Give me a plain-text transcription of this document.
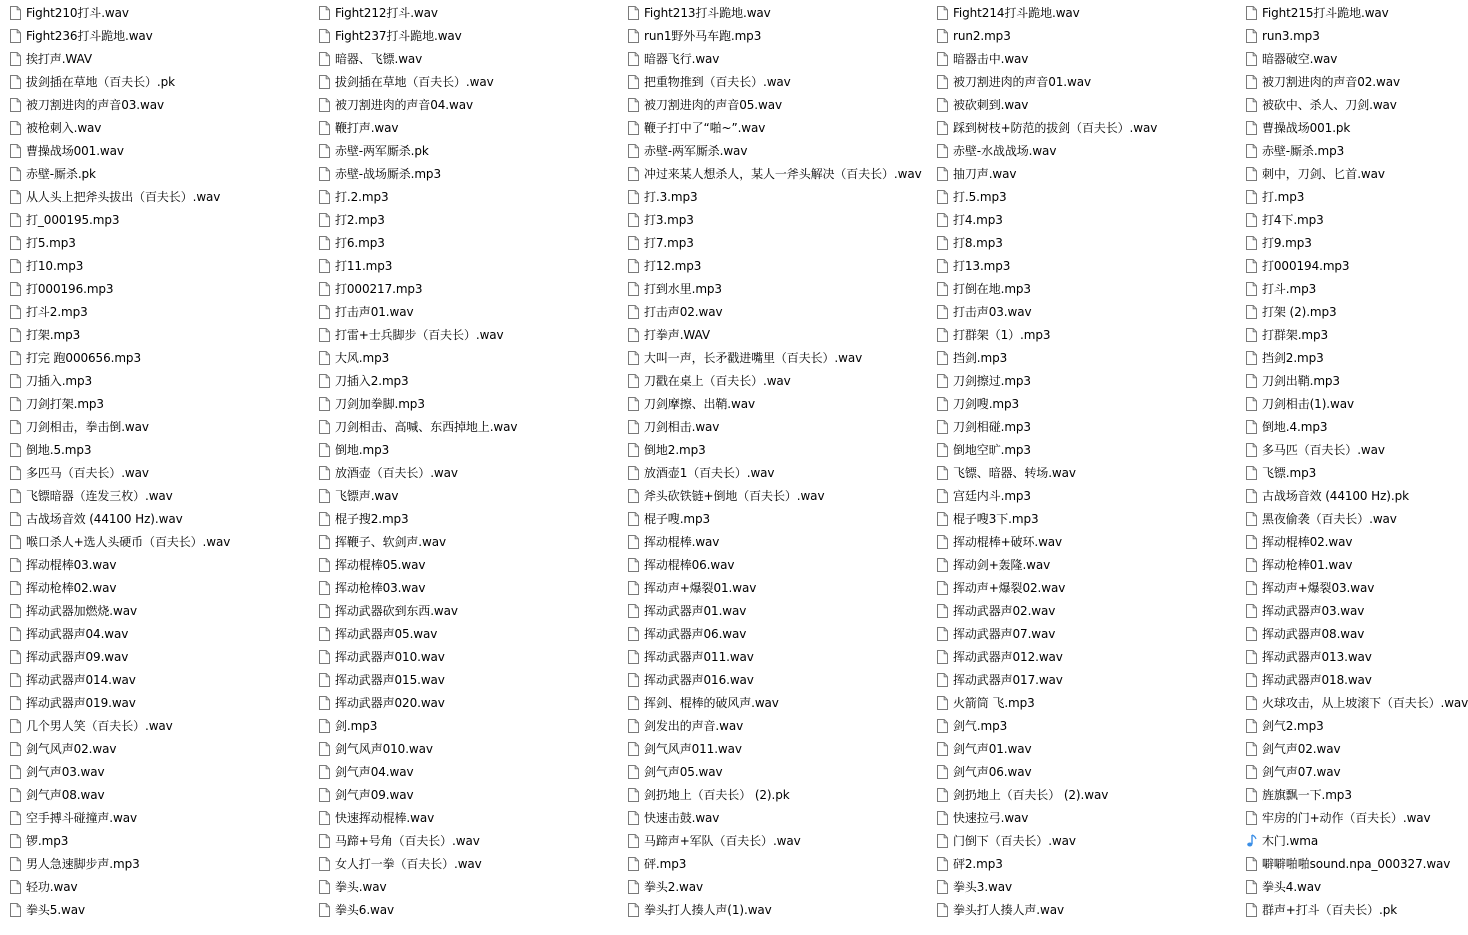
Fight210打斗.wav
Fight236打斗跪地.wav
挨打声.WAV
拔剑插在草地（百夫长）.pk
被刀割进肉的声音03.wav
被枪刺入.wav
曹操战场001.wav
赤壁-厮杀.pk
从人头上把斧头拔出（百夫长）.wav
打_000195.mp3
打5.mp3
打10.mp3
打000196.mp3
打斗2.mp3
打架.mp3
打完 跑000656.mp3
刀插入.mp3
刀剑打架.mp3
刀剑相击，拳击倒.wav
倒地.5.mp3
多匹马（百夫长）.wav
飞镖暗器（连发三枚）.wav
古战场音效 (44100 Hz).wav
喉口杀人+选人头硬币（百夫长）.wav
挥动棍棒03.wav
挥动枪棒02.wav
挥动武器加燃烧.wav
挥动武器声04.wav
挥动武器声09.wav
挥动武器声014.wav
挥动武器声019.wav
几个男人笑（百夫长）.wav
剑气风声02.wav
剑气声03.wav
剑气声08.wav
空手搏斗碰撞声.wav
锣.mp3
男人急速脚步声.mp3
轻功.wav
拳头5.wav
Fight212打斗.wav
Fight237打斗跪地.wav
暗器、飞镖.wav
拔剑插在草地（百夫长）.wav
被刀割进肉的声音04.wav
鞭打声.wav
赤壁-两军厮杀.pk
赤壁-战场厮杀.mp3
打.2.mp3
打2.mp3
打6.mp3
打11.mp3
打000217.mp3
打击声01.wav
打雷+士兵脚步（百夫长）.wav
大风.mp3
刀插入2.mp3
刀剑加拳脚.mp3
刀剑相击、高喊、东西掉地上.wav
倒地.mp3
放酒壶（百夫长）.wav
飞镖声.wav
棍子搜2.mp3
挥鞭子、软剑声.wav
挥动棍棒05.wav
挥动枪棒03.wav
挥动武器砍到东西.wav
挥动武器声05.wav
挥动武器声010.wav
挥动武器声015.wav
挥动武器声020.wav
剑.mp3
剑气风声010.wav
剑气声04.wav
剑气声09.wav
快速挥动棍棒.wav
马蹄+号角（百夫长）.wav
女人打一拳（百夫长）.wav
拳头.wav
拳头6.wav
Fight213打斗跪地.wav
run1野外马车跑.mp3
暗器飞行.wav
把重物推到（百夫长）.wav
被刀割进肉的声音05.wav
鞭子打中了“啪~”.wav
赤壁-两军厮杀.wav
冲过来某人想杀人，某人一斧头解决（百夫长）.wav
打.3.mp3
打3.mp3
打7.mp3
打12.mp3
打到水里.mp3
打击声02.wav
打拳声.WAV
大叫一声，长矛戳进嘴里（百夫长）.wav
刀戳在桌上（百夫长）.wav
刀剑摩擦、出鞘.wav
刀剑相击.wav
倒地2.mp3
放酒壶1（百夫长）.wav
斧头砍铁链+倒地（百夫长）.wav
棍子嗖.mp3
挥动棍棒.wav
挥动棍棒06.wav
挥动声+爆裂01.wav
挥动武器声01.wav
挥动武器声06.wav
挥动武器声011.wav
挥动武器声016.wav
挥剑、棍棒的破风声.wav
剑发出的声音.wav
剑气风声011.wav
剑气声05.wav
剑扔地上（百夫长） (2).pk
快速击鼓.wav
马蹄声+军队（百夫长）.wav
砰.mp3
拳头2.wav
拳头打人揍人声(1).wav
Fight214打斗跪地.wav
run2.mp3
暗器击中.wav
被刀割进肉的声音01.wav
被砍刺到.wav
踩到树枝+防范的拔剑（百夫长）.wav
赤壁-水战战场.wav
抽刀声.wav
打.5.mp3
打4.mp3
打8.mp3
打13.mp3
打倒在地.mp3
打击声03.wav
打群架（1）.mp3
挡剑.mp3
刀剑擦过.mp3
刀剑嗖.mp3
刀剑相碰.mp3
倒地空旷.mp3
飞镖、暗器、转场.wav
宫廷内斗.mp3
棍子嗖3下.mp3
挥动棍棒+破环.wav
挥动剑+轰隆.wav
挥动声+爆裂02.wav
挥动武器声02.wav
挥动武器声07.wav
挥动武器声012.wav
挥动武器声017.wav
火箭筒 飞.mp3
剑气.mp3
剑气声01.wav
剑气声06.wav
剑扔地上（百夫长） (2).wav
快速拉弓.wav
门倒下（百夫长）.wav
砰2.mp3
拳头3.wav
拳头打人揍人声.wav
Fight215打斗跪地.wav
run3.mp3
暗器破空.wav
被刀割进肉的声音02.wav
被砍中、杀人、刀剑.wav
曹操战场001.pk
赤壁-厮杀.mp3
刺中，刀剑、匕首.wav
打.mp3
打4下.mp3
打9.mp3
打000194.mp3
打斗.mp3
打架 (2).mp3
打群架.mp3
挡剑2.mp3
刀剑出鞘.mp3
刀剑相击(1).wav
倒地.4.mp3
多马匹（百夫长）.wav
飞镖.mp3
古战场音效 (44100 Hz).pk
黑夜偷袭（百夫长）.wav
挥动棍棒02.wav
挥动枪棒01.wav
挥动声+爆裂03.wav
挥动武器声03.wav
挥动武器声08.wav
挥动武器声013.wav
挥动武器声018.wav
火球攻击，从上坡滚下（百夫长）.wav
剑气2.mp3
剑气声02.wav
剑气声07.wav
旌旗飘一下.mp3
牢房的门+动作（百夫长）.wav
木门.wma
噼噼啪啪sound.npa_000327.wav
拳头4.wav
群声+打斗（百夫长）.pk
